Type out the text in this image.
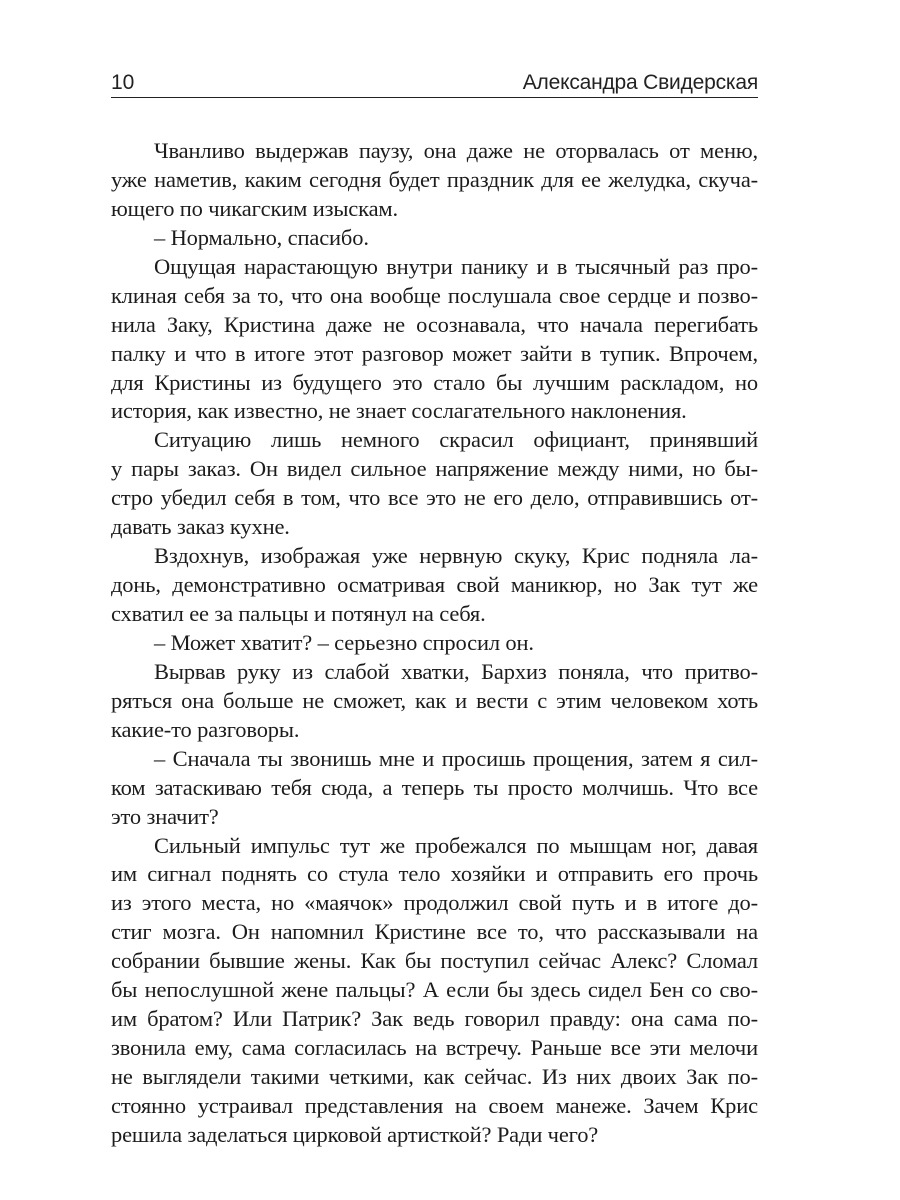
10	Александра Свидерская
Чванливо выдержав паузу, она даже не оторвалась от меню,
уже наметив, каким сегодня будет праздник для ее желудка, скуча-
ющего по чикагским изыскам.
– Нормально, спасибо.
Ощущая нарастающую внутри панику и в тысячный раз про-
клиная себя за то, что она вообще послушала свое сердце и позво-
нила Заку, Кристина даже не осознавала, что начала перегибать
палку и что в итоге этот разговор может зайти в тупик. Впрочем,
для Кристины из будущего это стало бы лучшим раскладом, но
история, как известно, не знает сослагательного наклонения.
Ситуацию лишь немного скрасил официант, принявший
у пары заказ. Он видел сильное напряжение между ними, но бы-
стро убедил себя в том, что все это не его дело, отправившись от-
давать заказ кухне.
Вздохнув, изображая уже нервную скуку, Крис подняла ла-
донь, демонстративно осматривая свой маникюр, но Зак тут же
схватил ее за пальцы и потянул на себя.
– Может хватит? – серьезно спросил он.
Вырвав руку из слабой хватки, Бархиз поняла, что притво-
ряться она больше не сможет, как и вести с этим человеком хоть
какие-то разговоры.
– Сначала ты звонишь мне и просишь прощения, затем я сил-
ком затаскиваю тебя сюда, а теперь ты просто молчишь. Что все
это значит?
Сильный импульс тут же пробежался по мышцам ног, давая
им сигнал поднять со стула тело хозяйки и отправить его прочь
из этого места, но «маячок» продолжил свой путь и в итоге до-
стиг мозга. Он напомнил Кристине все то, что рассказывали на
собрании бывшие жены. Как бы поступил сейчас Алекс? Сломал
бы непослушной жене пальцы? А если бы здесь сидел Бен со сво-
им братом? Или Патрик? Зак ведь говорил правду: она сама по-
звонила ему, сама согласилась на встречу. Раньше все эти мелочи
не выглядели такими четкими, как сейчас. Из них двоих Зак по-
стоянно устраивал представления на своем манеже. Зачем Крис
решила заделаться цирковой артисткой? Ради чего?
